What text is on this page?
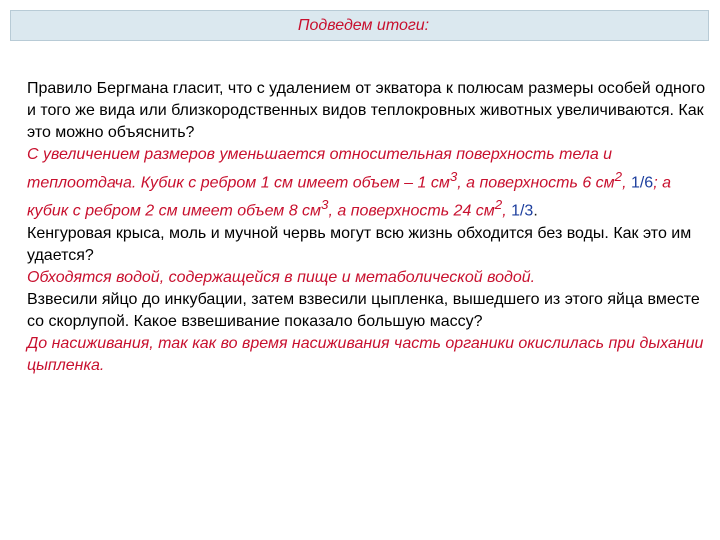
Подведем итоги:

Правило Бергмана гласит, что с удалением от экватора к полюсам размеры особей одного и того же вида или близкородственных видов теплокровных животных увеличиваются. Как это можно объяснить?

С увеличением размеров уменьшается относительная поверхность тела и теплоотдача. Кубик с ребром 1 см имеет объем – 1 $см^3$, а поверхность 6 $см^2$, 1/6; а кубик с ребром 2 см имеет объем 8 $см^3$, а поверхность 24 $см^2$, 1/3.

Кенгуровая крыса, моль и мучной червь могут всю жизнь обходится без воды. Как это им удается?

Обходятся водой, содержащейся в пище и метаболической водой.

Взвесили яйцо до инкубации, затем взвесили цыпленка, вышедшего из этого яйца вместе со скорлупой. Какое взвешивание показало большую массу?

До насиживания, так как во время насиживания часть органики окислилась при дыхании цыпленка.
